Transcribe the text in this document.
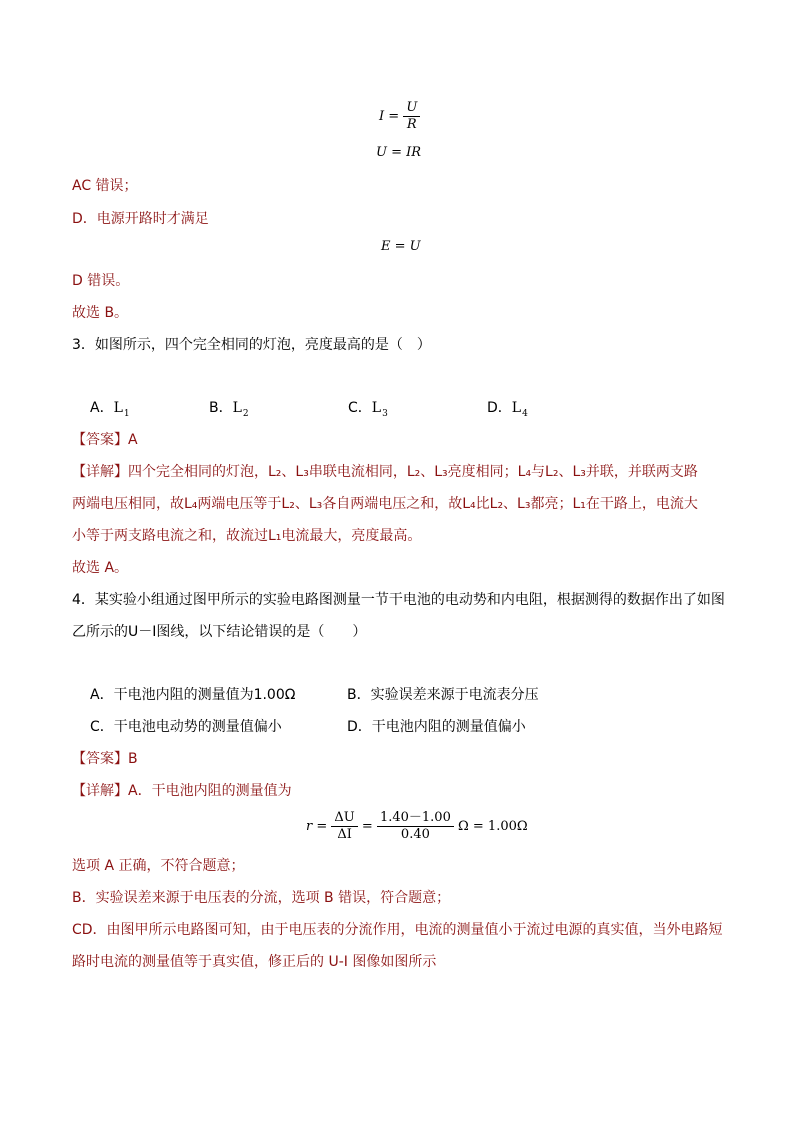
$I = \frac{U}{R}$
U = IR
AC 错误；
D．电源开路时才满足
E = U
D 错误。
故选 B。
3．如图所示，四个完全相同的灯泡，亮度最高的是（　）
A．$L_1$	B．$L_2$	C．$L_3$	D．$L_4$
【答案】A
【详解】四个完全相同的灯泡，L₂、L₃串联电流相同，L₂、L₃亮度相同；L₄与L₂、L₃并联，并联两支路
两端电压相同，故L₄两端电压等于L₂、L₃各自两端电压之和，故L₄比L₂、L₃都亮；L₁在干路上，电流大
小等于两支路电流之和，故流过L₁电流最大，亮度最高。
故选 A。
4．某实验小组通过图甲所示的实验电路图测量一节干电池的电动势和内电阻，根据测得的数据作出了如图
乙所示的U－I图线，以下结论错误的是（　　）
A．干电池内阻的测量值为1.00Ω	B．实验误差来源于电流表分压
C．干电池电动势的测量值偏小	D．干电池内阻的测量值偏小
【答案】B
【详解】A．干电池内阻的测量值为
$r = \frac{\Delta U}{\Delta I} = \frac{1.40-1.00}{0.40}$ Ω = 1.00Ω
选项 A 正确，不符合题意；
B．实验误差来源于电压表的分流，选项 B 错误，符合题意；
CD．由图甲所示电路图可知，由于电压表的分流作用，电流的测量值小于流过电源的真实值，当外电路短
路时电流的测量值等于真实值，修正后的 U-I 图像如图所示
